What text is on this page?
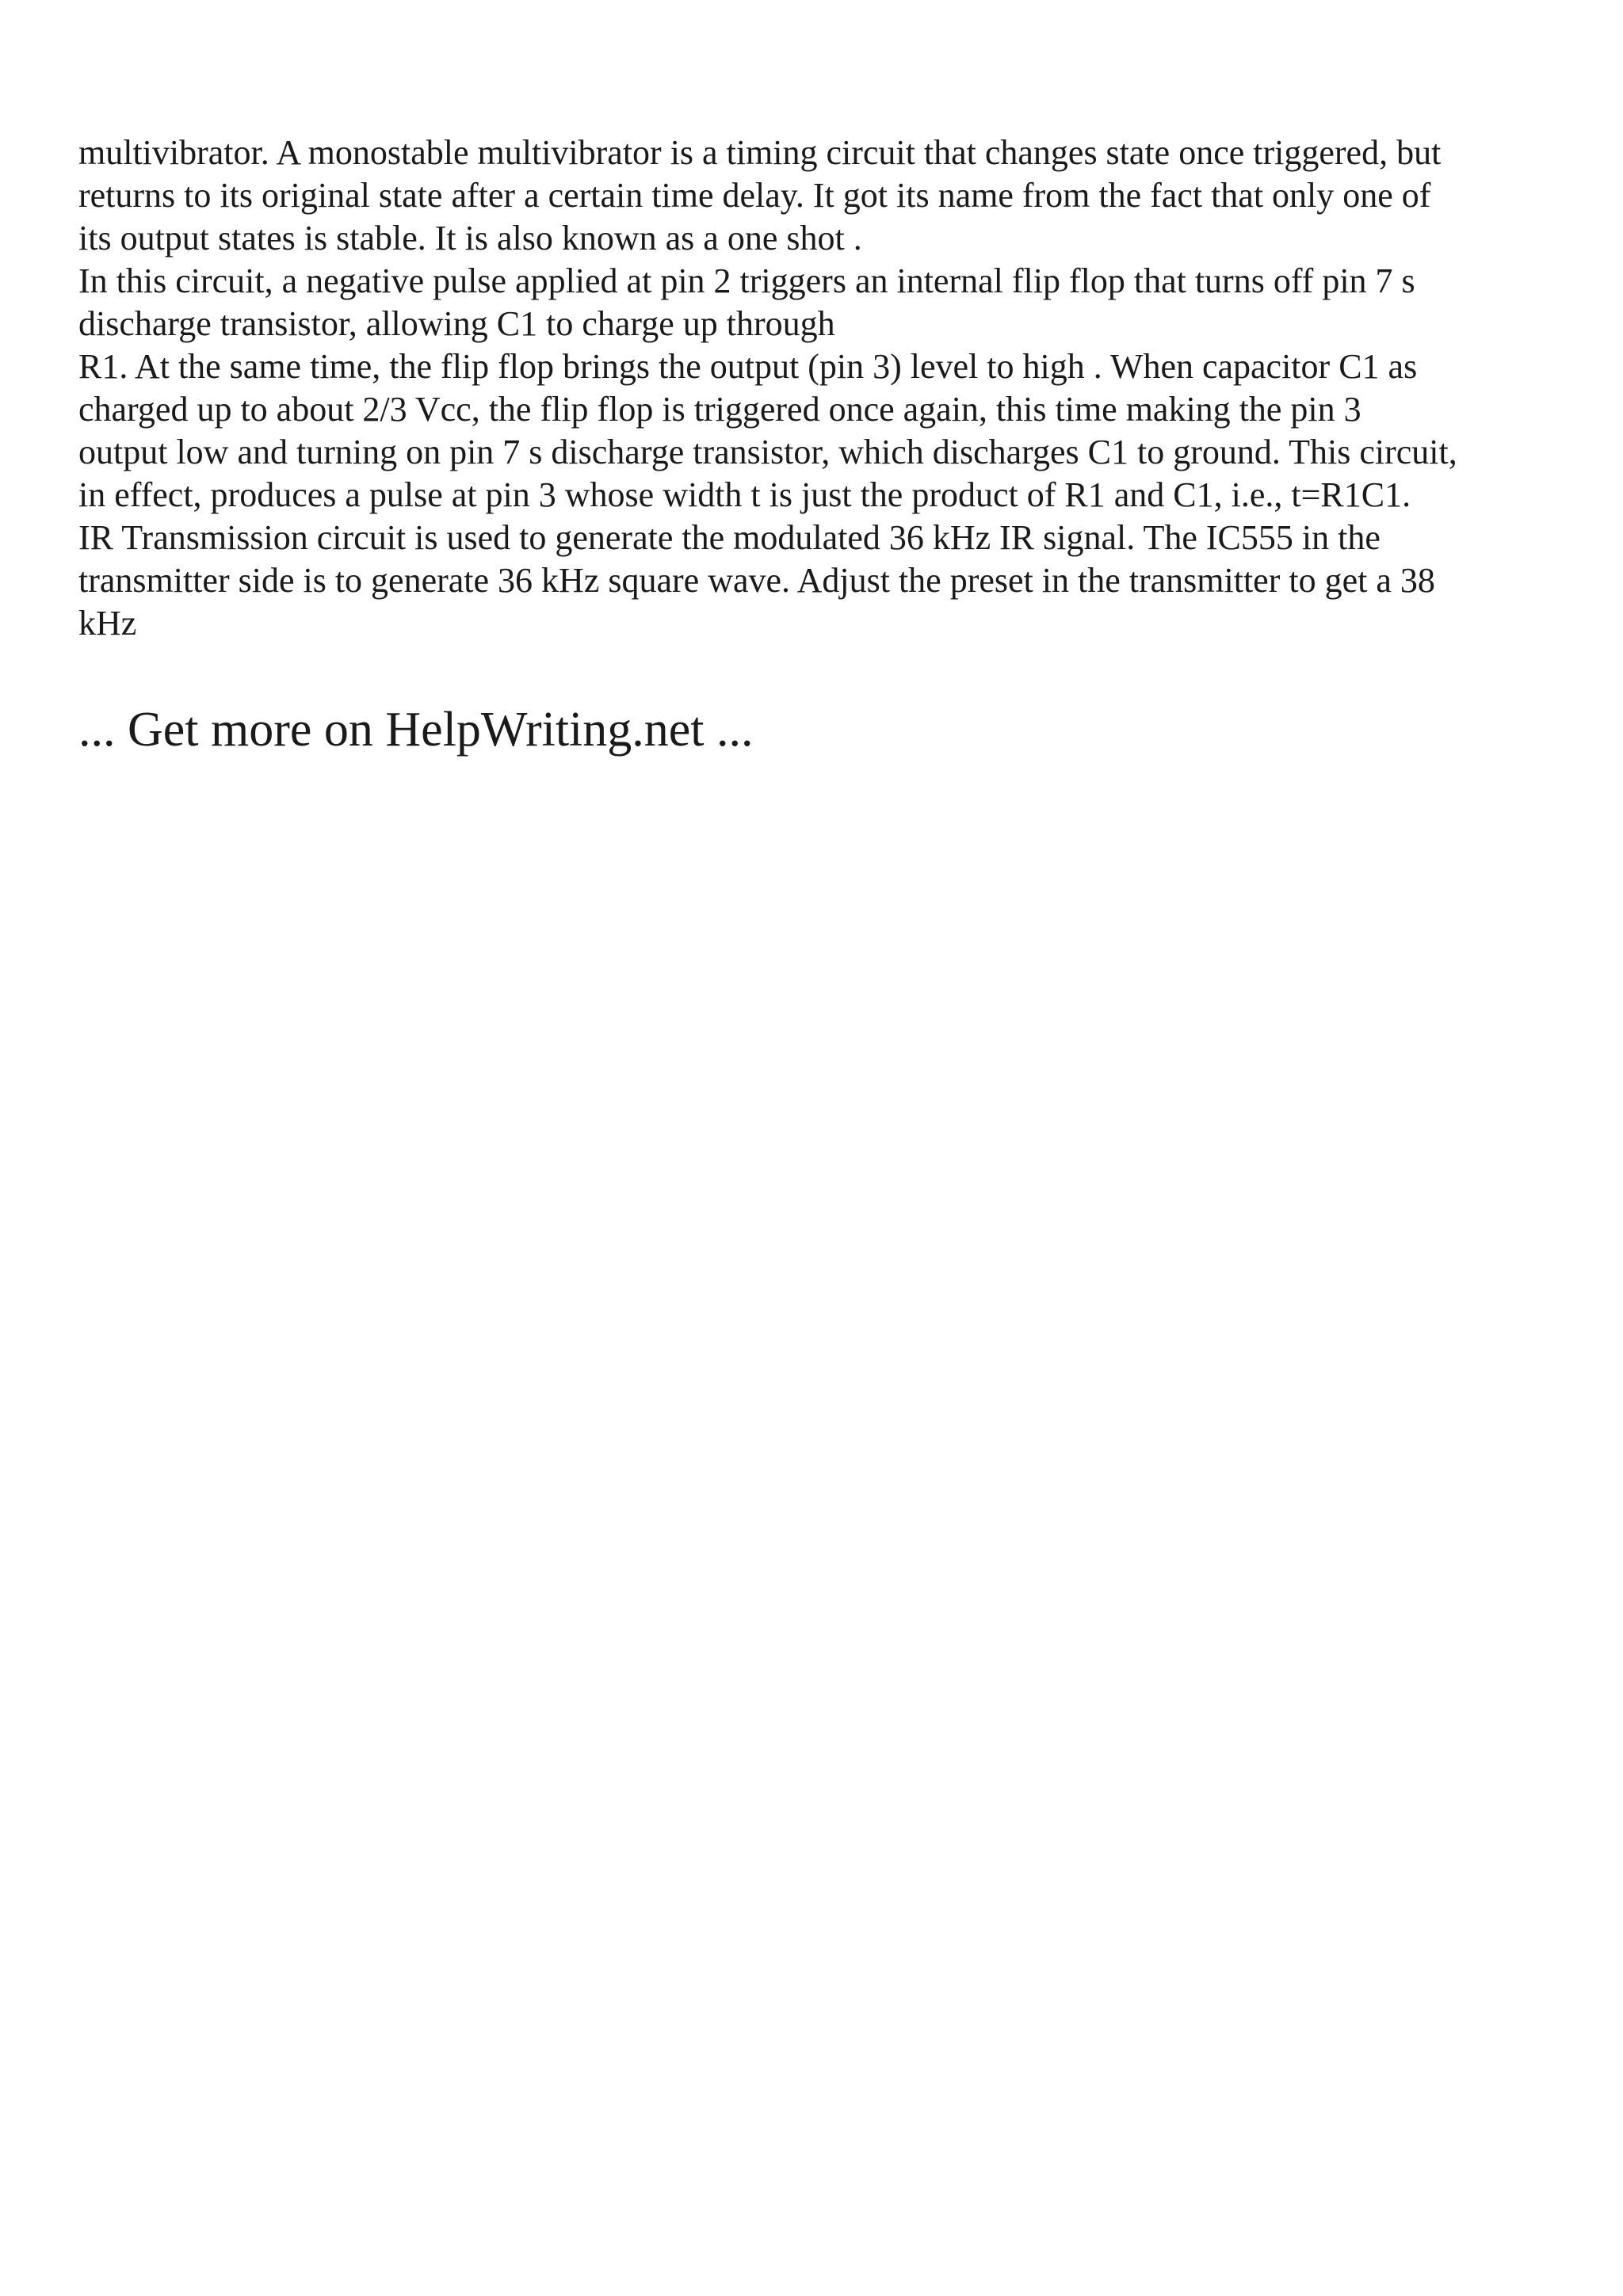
multivibrator. A monostable multivibrator is a timing circuit that changes state once triggered, but
returns to its original state after a certain time delay. It got its name from the fact that only one of
its output states is stable. It is also known as a one shot .
In this circuit, a negative pulse applied at pin 2 triggers an internal flip flop that turns off pin 7 s
discharge transistor, allowing C1 to charge up through
R1. At the same time, the flip flop brings the output (pin 3) level to high . When capacitor C1 as
charged up to about 2/3 Vcc, the flip flop is triggered once again, this time making the pin 3
output low and turning on pin 7 s discharge transistor, which discharges C1 to ground. This circuit,
in effect, produces a pulse at pin 3 whose width t is just the product of R1 and C1, i.e., t=R1C1.
IR Transmission circuit is used to generate the modulated 36 kHz IR signal. The IC555 in the
transmitter side is to generate 36 kHz square wave. Adjust the preset in the transmitter to get a 38
kHz
... Get more on HelpWriting.net ...
